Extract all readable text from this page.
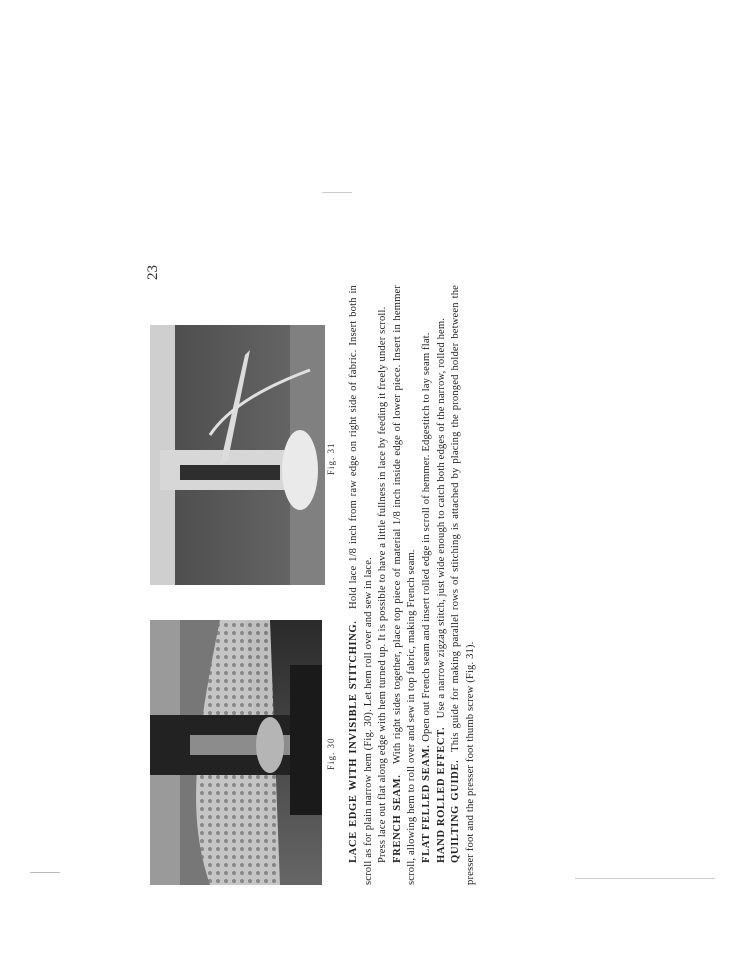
23
Fig. 30
Fig. 31

LACE EDGE WITH INVISIBLE STITCHING.   Hold lace 1/8 inch from raw edge on right side of fabric. Insert both in scroll as for plain narrow hem (Fig. 30). Let hem roll over and sew in lace. Press lace out flat along edge with hem turned up. It is possible to have a little fullness in lace by feeding it freely under scroll. FRENCH SEAM.   With right sides together, place top piece of material 1/8 inch inside edge of lower piece. Insert in hemmer scroll, allowing hem to roll over and sew in top fabric, making French seam. FLAT FELLED SEAM. Open out French seam and insert rolled edge in scroll of hemmer. Edgestitch to lay seam flat.

HAND ROLLED EFFECT.   Use a narrow zigzag stitch, just wide enough to catch both edges of the narrow, rolled hem.

QUILTING GUIDE.  This guide for making parallel rows of stitching is attached by placing the pronged holder between the presser foot and the presser foot thumb screw (Fig. 31).
